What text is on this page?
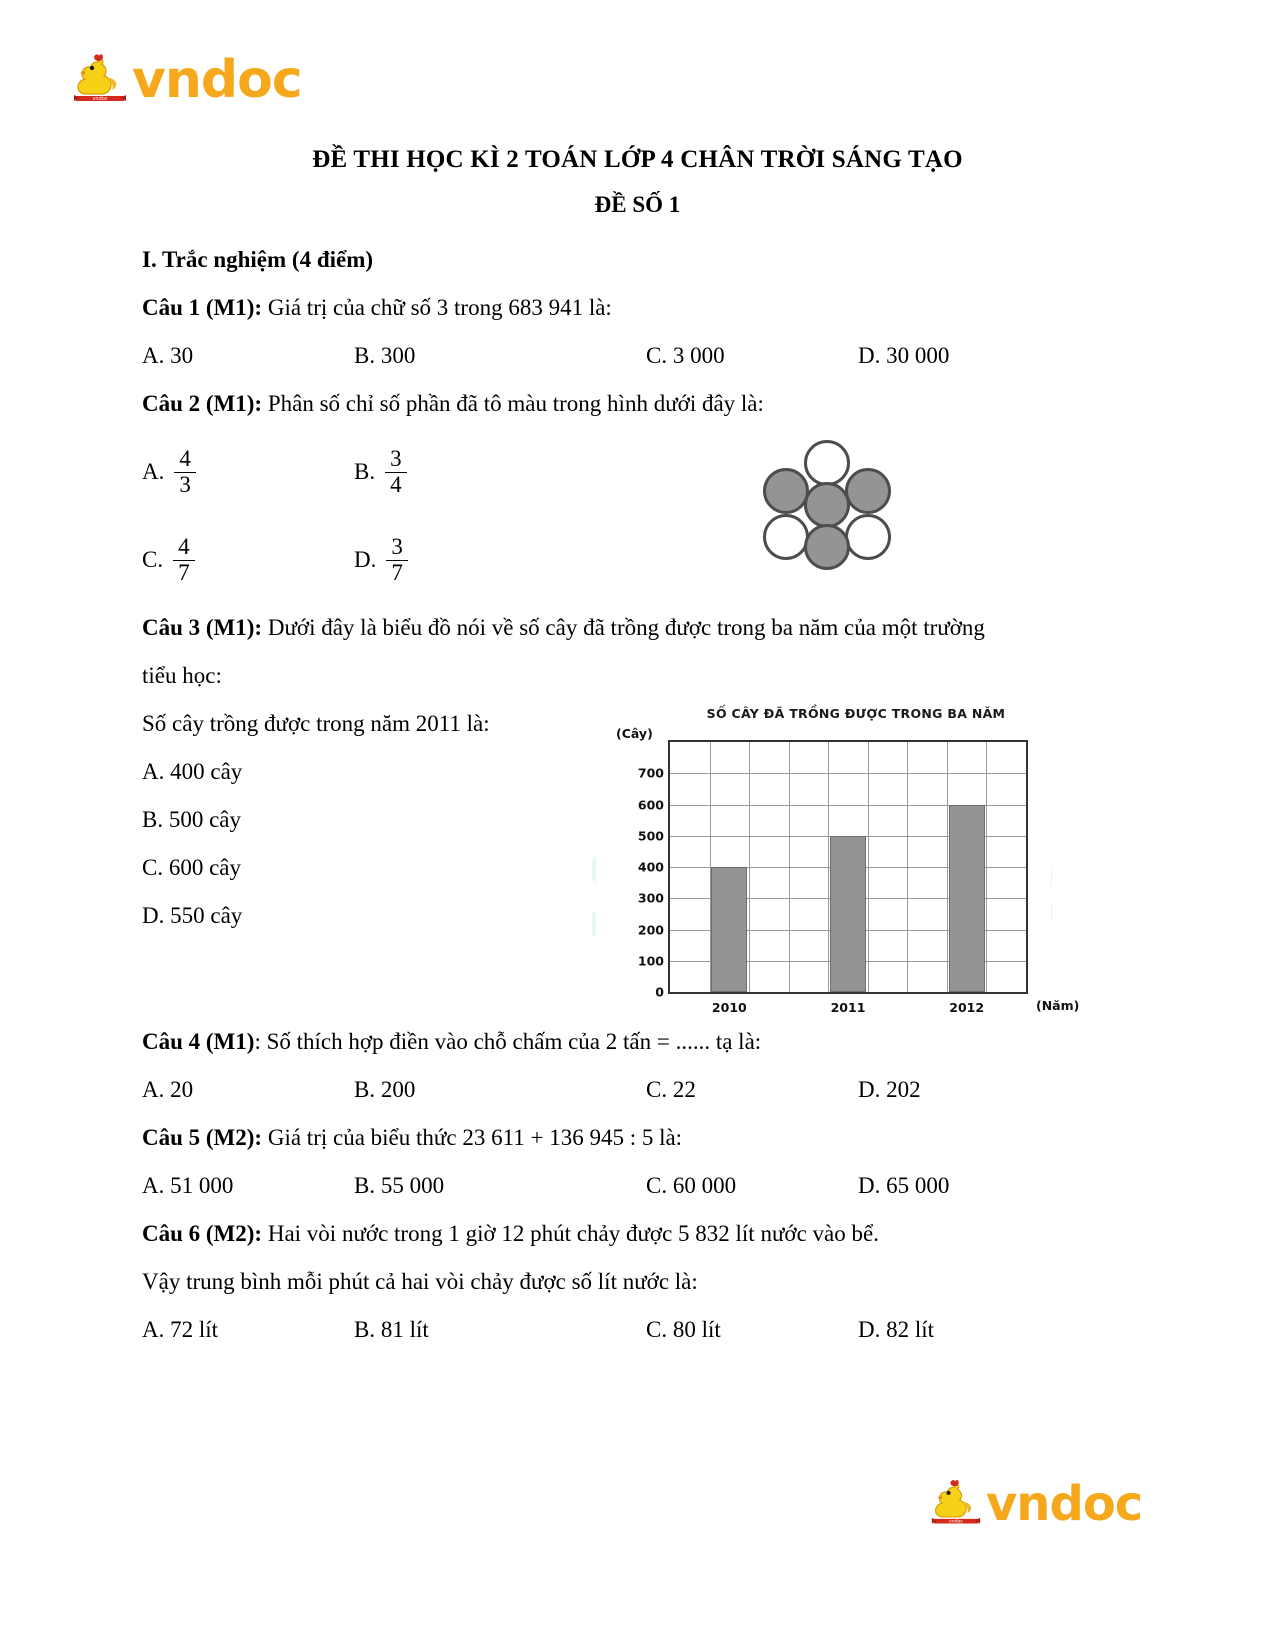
vndoc vndoc
ĐỀ THI HỌC KÌ 2 TOÁN LỚP 4 CHÂN TRỜI SÁNG TẠO
ĐỀ SỐ 1
I. Trắc nghiệm (4 điểm)
Câu 1 (M1): Giá trị của chữ số 3 trong 683 941 là:
A. 30	B. 300	C. 3 000	D. 30 000
Câu 2 (M1): Phân số chỉ số phần đã tô màu trong hình dưới đây là:
A. $\frac{4}{3}$	B. $\frac{3}{4}$
C. $\frac{4}{7}$	D. $\frac{3}{7}$
Câu 3 (M1): Dưới đây là biểu đồ nói về số cây đã trồng được trong ba năm của một trường tiểu học:
Số cây trồng được trong năm 2011 là:
A. 400 cây
B. 500 cây
C. 600 cây
D. 550 cây
Câu 4 (M1): Số thích hợp điền vào chỗ chấm của 2 tấn = ...... tạ là:
A. 20	B. 200	C. 22	D. 202
Câu 5 (M2): Giá trị của biểu thức 23 611 + 136 945 : 5 là:
A. 51 000	B. 55 000	C. 60 000	D. 65 000
Câu 6 (M2): Hai vòi nước trong 1 giờ 12 phút chảy được 5 832 lít nước vào bể.
Vậy trung bình mỗi phút cả hai vòi chảy được số lít nước là:
A. 72 lít	B. 81 lít	C. 80 lít	D. 82 lít
SỐ CÂY ĐÃ TRỒNG ĐƯỢC TRONG BA NĂM
(Cây)
0
100
200
300
400
500
600
700
2010	2011	2012	(Năm)
vndoc vndoc
